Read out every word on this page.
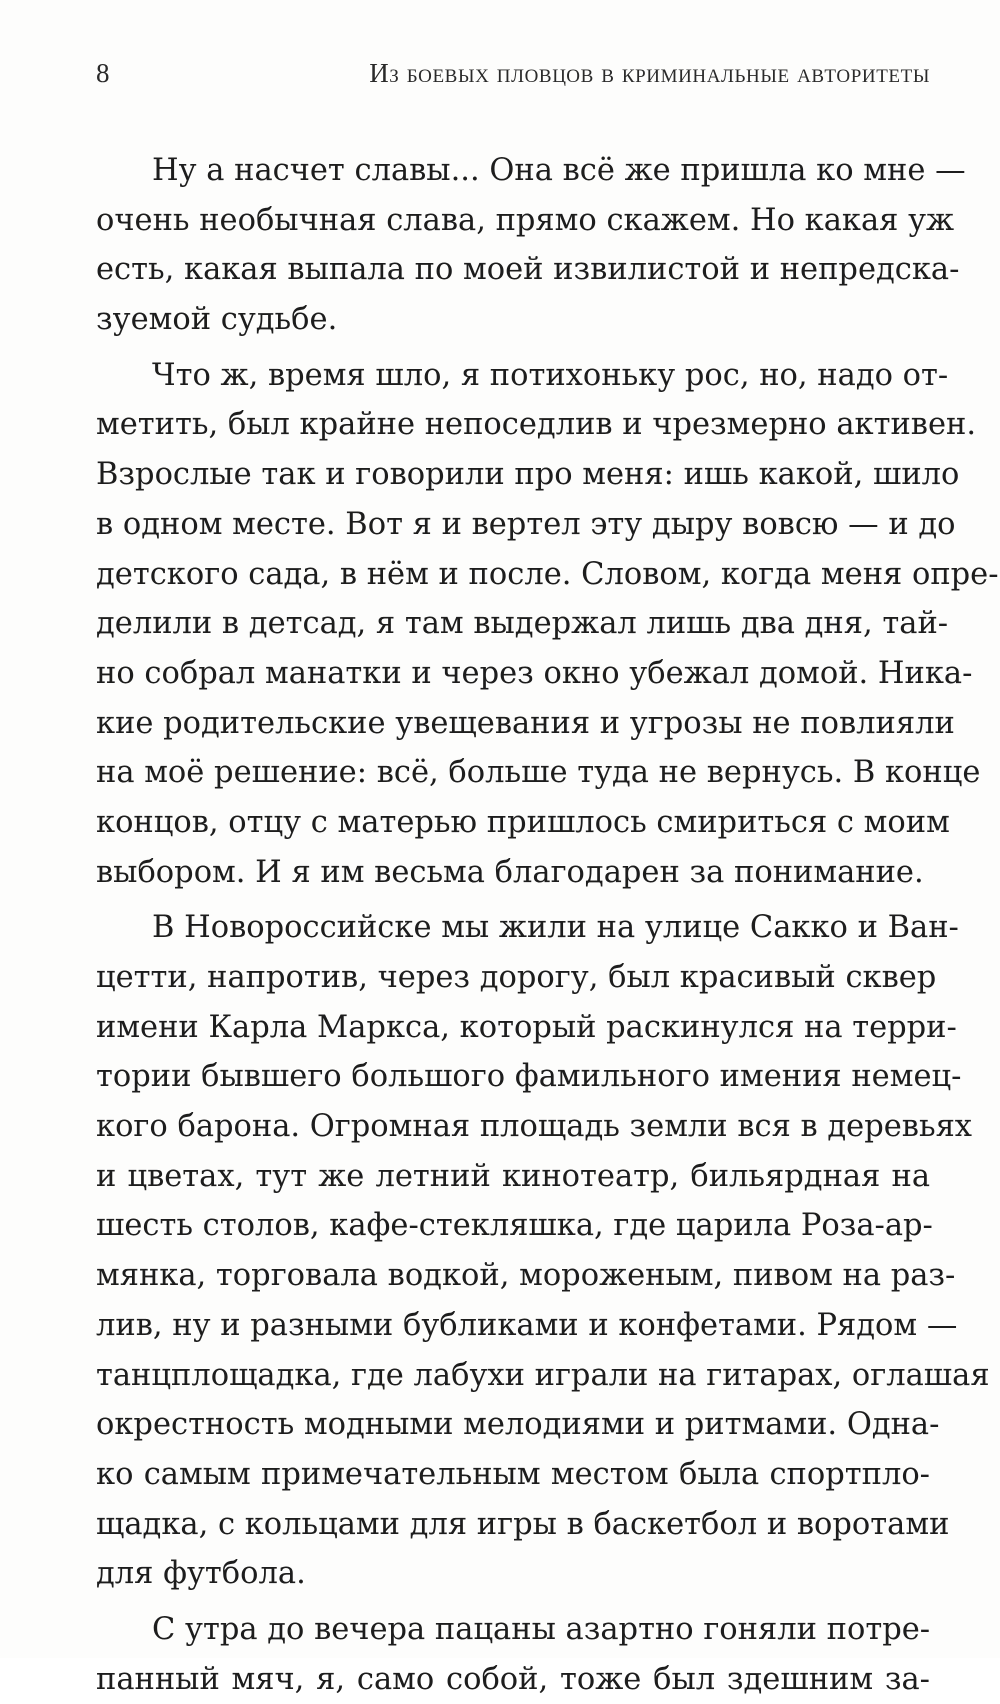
8	Из боевых пловцов в криминальные авторитеты
Ну а насчет славы... Она всё же пришла ко мне —
очень необычная слава, прямо скажем. Но какая уж
есть, какая выпала по моей извилистой и непредска-
зуемой судьбе.
Что ж, время шло, я потихоньку рос, но, надо от-
метить, был крайне непоседлив и чрезмерно активен.
Взрослые так и говорили про меня: ишь какой, шило
в одном месте. Вот я и вертел эту дыру вовсю — и до
детского сада, в нём и после. Словом, когда меня опре-
делили в детсад, я там выдержал лишь два дня, тай-
но собрал манатки и через окно убежал домой. Ника-
кие родительские увещевания и угрозы не повлияли
на моё решение: всё, больше туда не вернусь. В конце
концов, отцу с матерью пришлось смириться с моим
выбором. И я им весьма благодарен за понимание.
В Новороссийске мы жили на улице Сакко и Ван-
цетти, напротив, через дорогу, был красивый сквер
имени Карла Маркса, который раскинулся на терри-
тории бывшего большого фамильного имения немец-
кого барона. Огромная площадь земли вся в деревьях
и цветах, тут же летний кинотеатр, бильярдная на
шесть столов, кафе-стекляшка, где царила Роза-ар-
мянка, торговала водкой, мороженым, пивом на раз-
лив, ну и разными бубликами и конфетами. Рядом —
танцплощадка, где лабухи играли на гитарах, оглашая
окрестность модными мелодиями и ритмами. Одна-
ко самым примечательным местом была спортпло-
щадка, с кольцами для игры в баскетбол и воротами
для футбола.
С утра до вечера пацаны азартно гоняли потре-
панный мяч, я, само собой, тоже был здешним за-
